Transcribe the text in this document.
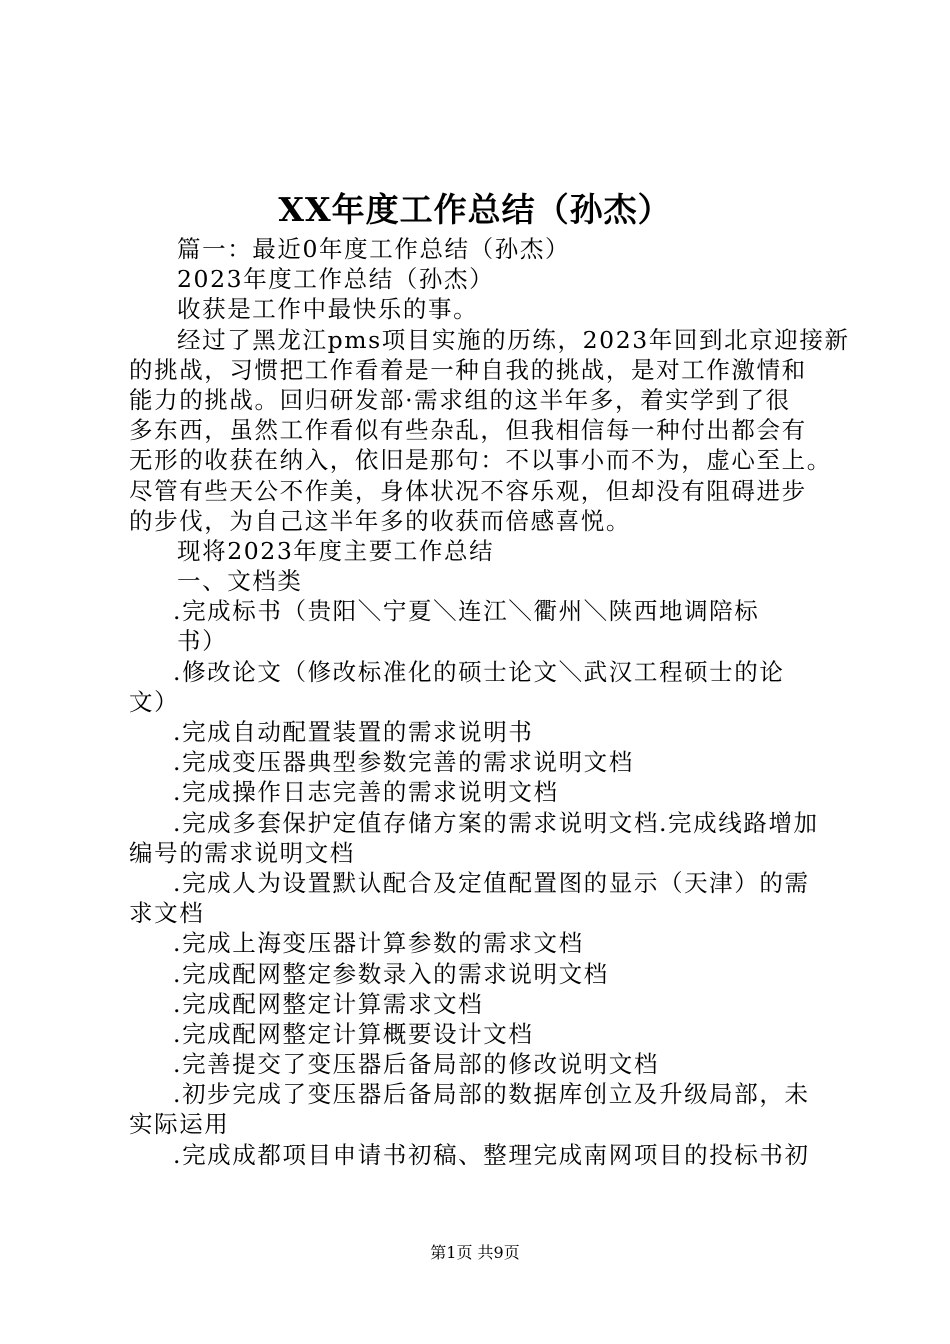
XX年度工作总结（孙杰）
篇一：最近0年度工作总结（孙杰）
2023年度工作总结（孙杰）
收获是工作中最快乐的事。
经过了黑龙江pms项目实施的历练，2023年回到北京迎接新
的挑战，习惯把工作看着是一种自我的挑战，是对工作激情和
能力的挑战。回归研发部·需求组的这半年多，着实学到了很
多东西，虽然工作看似有些杂乱，但我相信每一种付出都会有
无形的收获在纳入，依旧是那句：不以事小而不为，虚心至上。
尽管有些天公不作美，身体状况不容乐观，但却没有阻碍进步
的步伐，为自己这半年多的收获而倍感喜悦。
现将2023年度主要工作总结
一、文档类
.完成标书（贵阳＼宁夏＼连江＼衢州＼陕西地调陪标
书）
.修改论文（修改标准化的硕士论文＼武汉工程硕士的论
文）
.完成自动配置装置的需求说明书
.完成变压器典型参数完善的需求说明文档
.完成操作日志完善的需求说明文档
.完成多套保护定值存储方案的需求说明文档.完成线路增加
编号的需求说明文档
.完成人为设置默认配合及定值配置图的显示（天津）的需
求文档
.完成上海变压器计算参数的需求文档
.完成配网整定参数录入的需求说明文档
.完成配网整定计算需求文档
.完成配网整定计算概要设计文档
.完善提交了变压器后备局部的修改说明文档
.初步完成了变压器后备局部的数据库创立及升级局部，未
实际运用
.完成成都项目申请书初稿、整理完成南网项目的投标书初
第1页 共9页
